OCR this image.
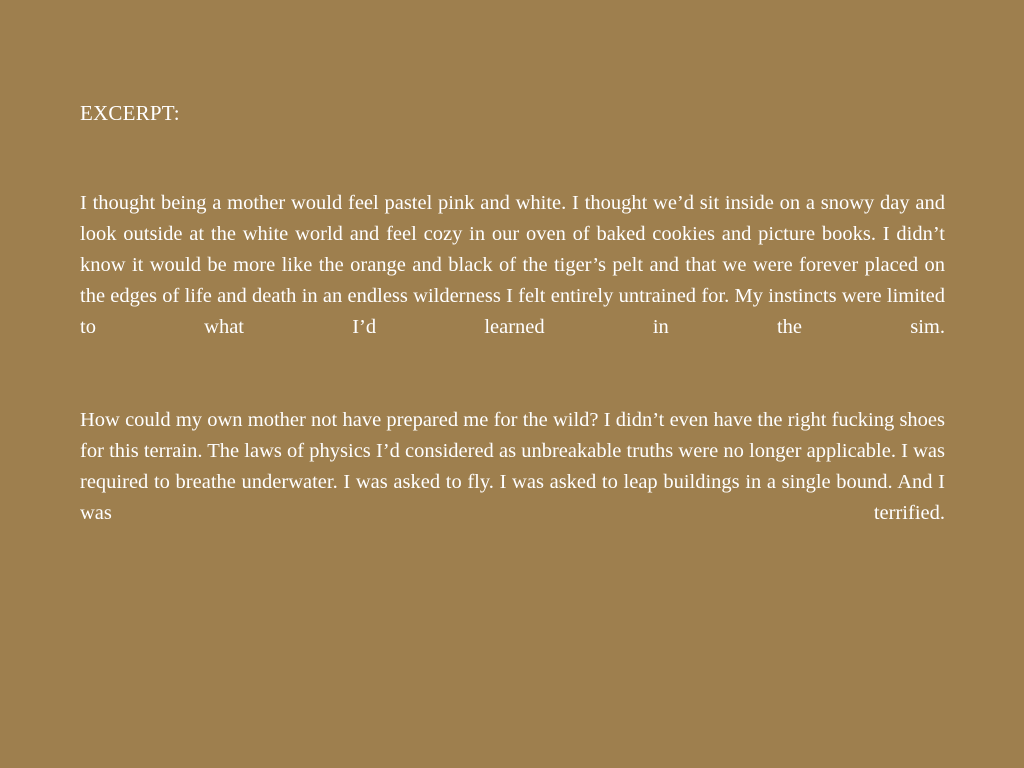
EXCERPT:

I thought being a mother would feel pastel pink and white. I thought we’d sit inside on a snowy day and look outside at the white world and feel cozy in our oven of baked cookies and picture books. I didn’t know it would be more like the orange and black of the tiger’s pelt and that we were forever placed on the edges of life and death in an endless wilderness I felt entirely untrained for. My instincts were limited to what I’d learned in the sim.

How could my own mother not have prepared me for the wild? I didn’t even have the right fucking shoes for this terrain. The laws of physics I’d considered as unbreakable truths were no longer applicable. I was required to breathe underwater. I was asked to fly. I was asked to leap buildings in a single bound. And I was terrified.
